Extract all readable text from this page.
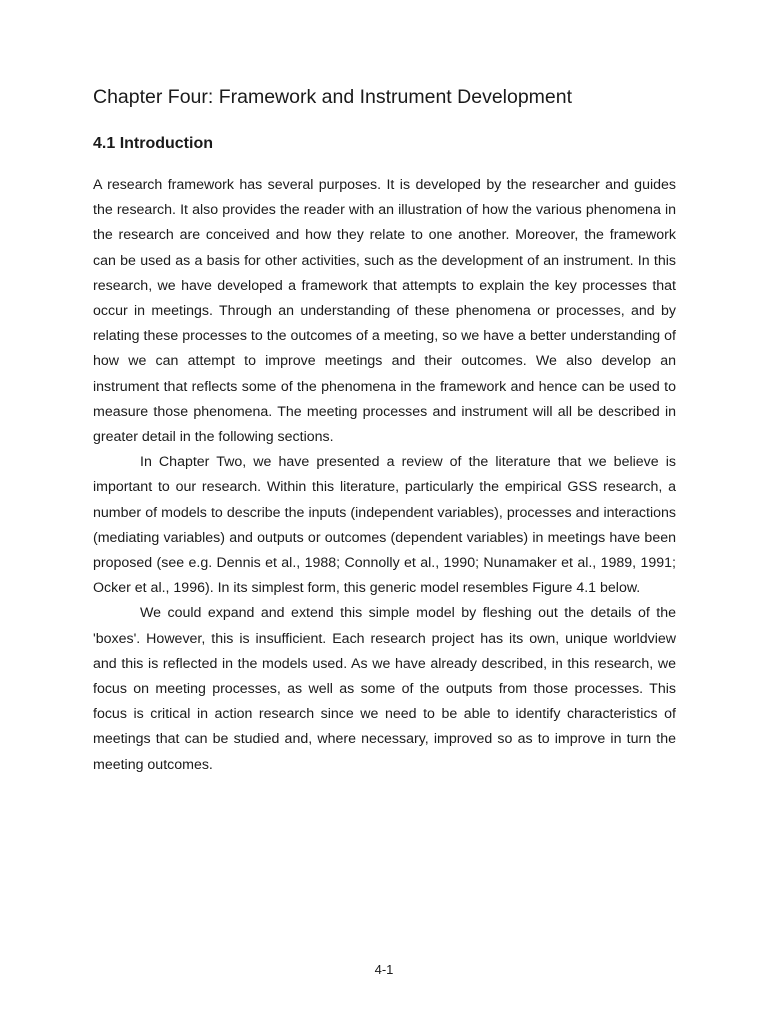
Chapter Four: Framework and Instrument Development
4.1 Introduction

A research framework has several purposes. It is developed by the researcher and guides the research. It also provides the reader with an illustration of how the various phenomena in the research are conceived and how they relate to one another. Moreover, the framework can be used as a basis for other activities, such as the development of an instrument. In this research, we have developed a framework that attempts to explain the key processes that occur in meetings. Through an understanding of these phenomena or processes, and by relating these processes to the outcomes of a meeting, so we have a better understanding of how we can attempt to improve meetings and their outcomes. We also develop an instrument that reflects some of the phenomena in the framework and hence can be used to measure those phenomena. The meeting processes and instrument will all be described in greater detail in the following sections.

In Chapter Two, we have presented a review of the literature that we believe is important to our research. Within this literature, particularly the empirical GSS research, a number of models to describe the inputs (independent variables), processes and interactions (mediating variables) and outputs or outcomes (dependent variables) in meetings have been proposed (see e.g. Dennis et al., 1988; Connolly et al., 1990; Nunamaker et al., 1989, 1991; Ocker et al., 1996). In its simplest form, this generic model resembles Figure 4.1 below.

We could expand and extend this simple model by fleshing out the details of the 'boxes'. However, this is insufficient. Each research project has its own, unique worldview and this is reflected in the models used. As we have already described, in this research, we focus on meeting processes, as well as some of the outputs from those processes. This focus is critical in action research since we need to be able to identify characteristics of meetings that can be studied and, where necessary, improved so as to improve in turn the meeting outcomes.

4-1
